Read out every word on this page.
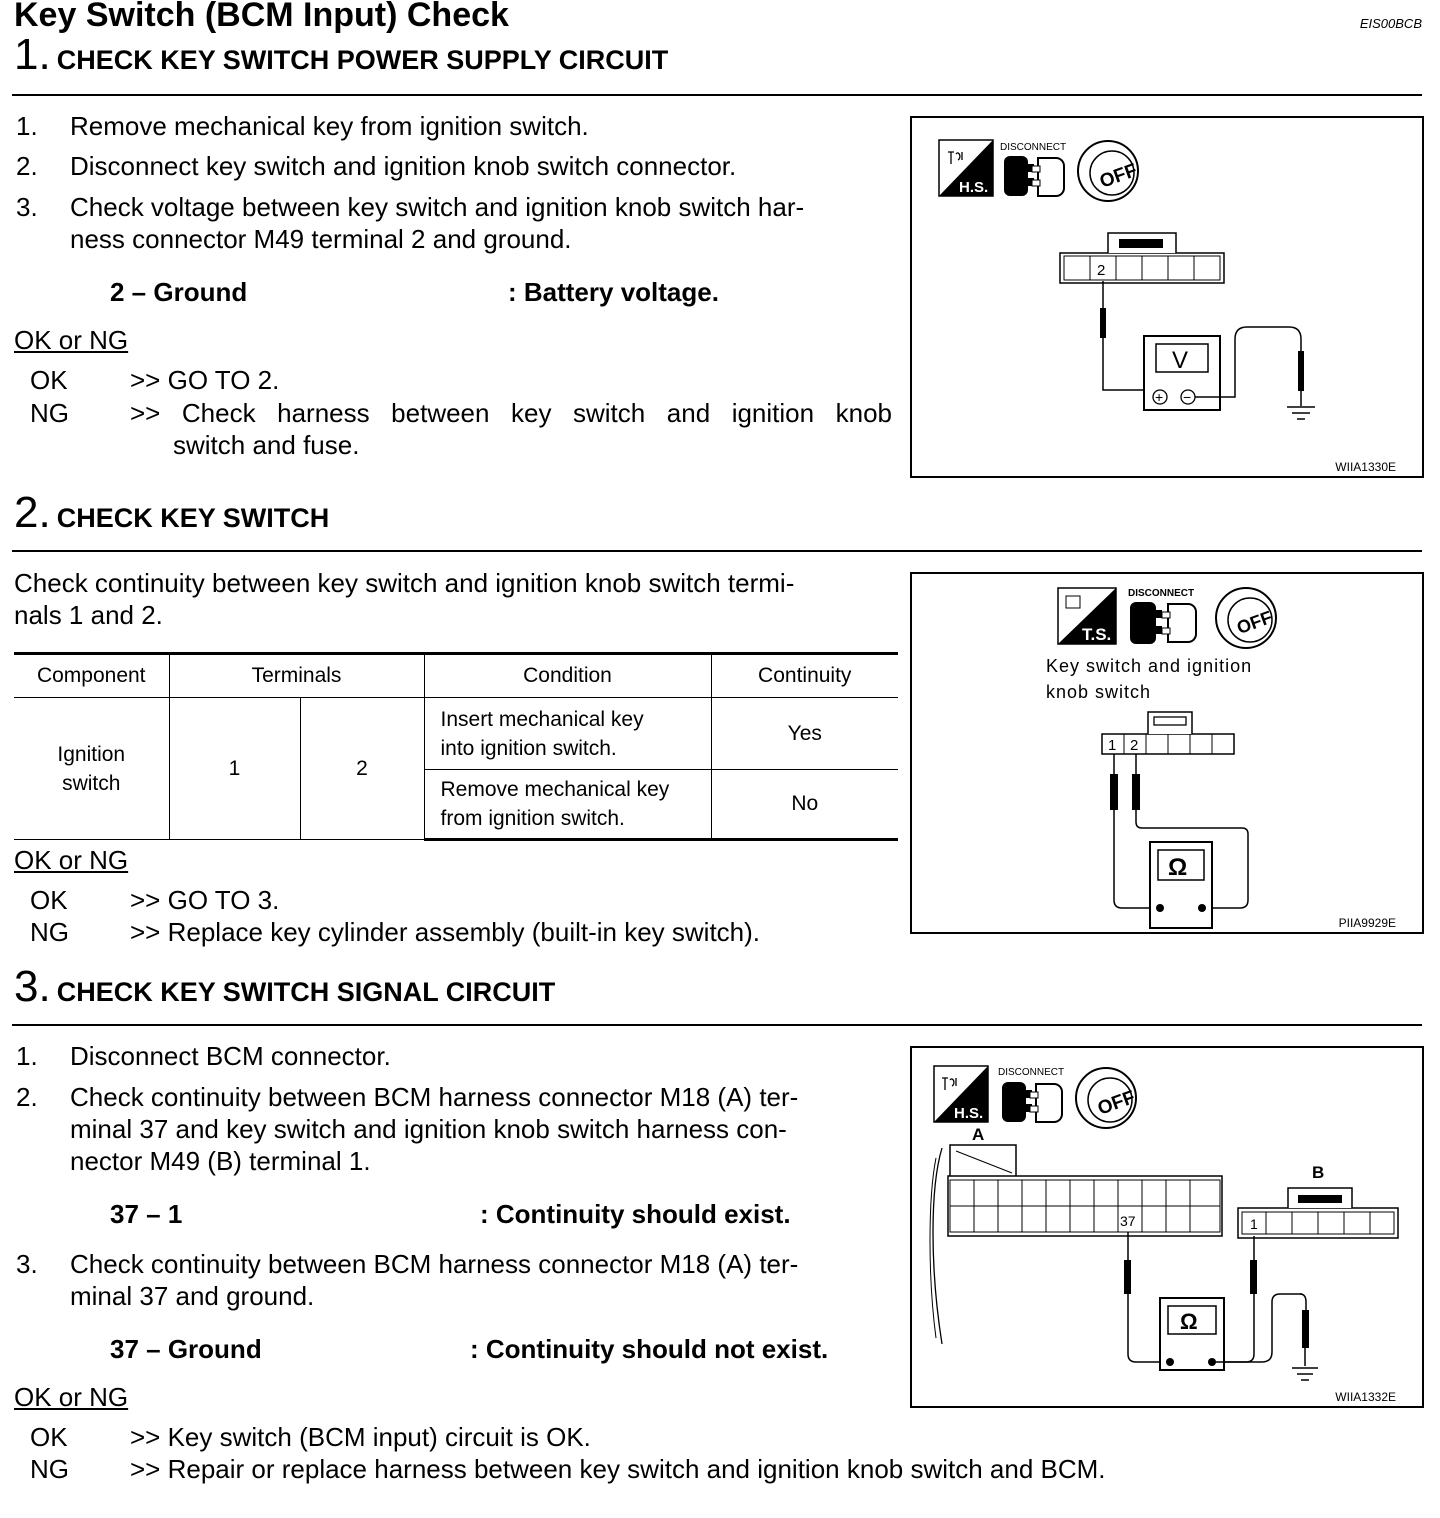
Key Switch (BCM Input) Check	EIS00BCB
1. CHECK KEY SWITCH POWER SUPPLY CIRCUIT
1. Remove mechanical key from ignition switch.
2. Disconnect key switch and ignition knob switch connector.
3. Check voltage between key switch and ignition knob switch har-
ness connector M49 terminal 2 and ground.
2 – Ground	: Battery voltage.
OK or NG
OK >> GO TO 2.
NG >> Check harness between key switch and ignition knob
switch and fuse.
H.S.
DISCONNECT
OFF
2
V
+ −
WIIA1330E
2. CHECK KEY SWITCH
Check continuity between key switch and ignition knob switch termi-
nals 1 and 2.
Component	Terminals		Condition	Continuity
Ignition
switch	1	2	Insert mechanical key
into ignition switch.	Yes
			Remove mechanical key
from ignition switch.	No
OK or NG
OK >> GO TO 3.
NG >> Replace key cylinder assembly (built-in key switch).
T.S.
DISCONNECT
OFF
Key switch and ignition
knob switch
1 2
Ω
PIIA9929E
3. CHECK KEY SWITCH SIGNAL CIRCUIT
1. Disconnect BCM connector.
2. Check continuity between BCM harness connector M18 (A) ter-
minal 37 and key switch and ignition knob switch harness con-
nector M49 (B) terminal 1.
37 – 1	: Continuity should exist.
3. Check continuity between BCM harness connector M18 (A) ter-
minal 37 and ground.
37 – Ground	: Continuity should not exist.
OK or NG
OK >> Key switch (BCM input) circuit is OK.
NG >> Repair or replace harness between key switch and ignition knob switch and BCM.
H.S.
DISCONNECT
OFF
A
37
B
1
Ω
WIIA1332E
